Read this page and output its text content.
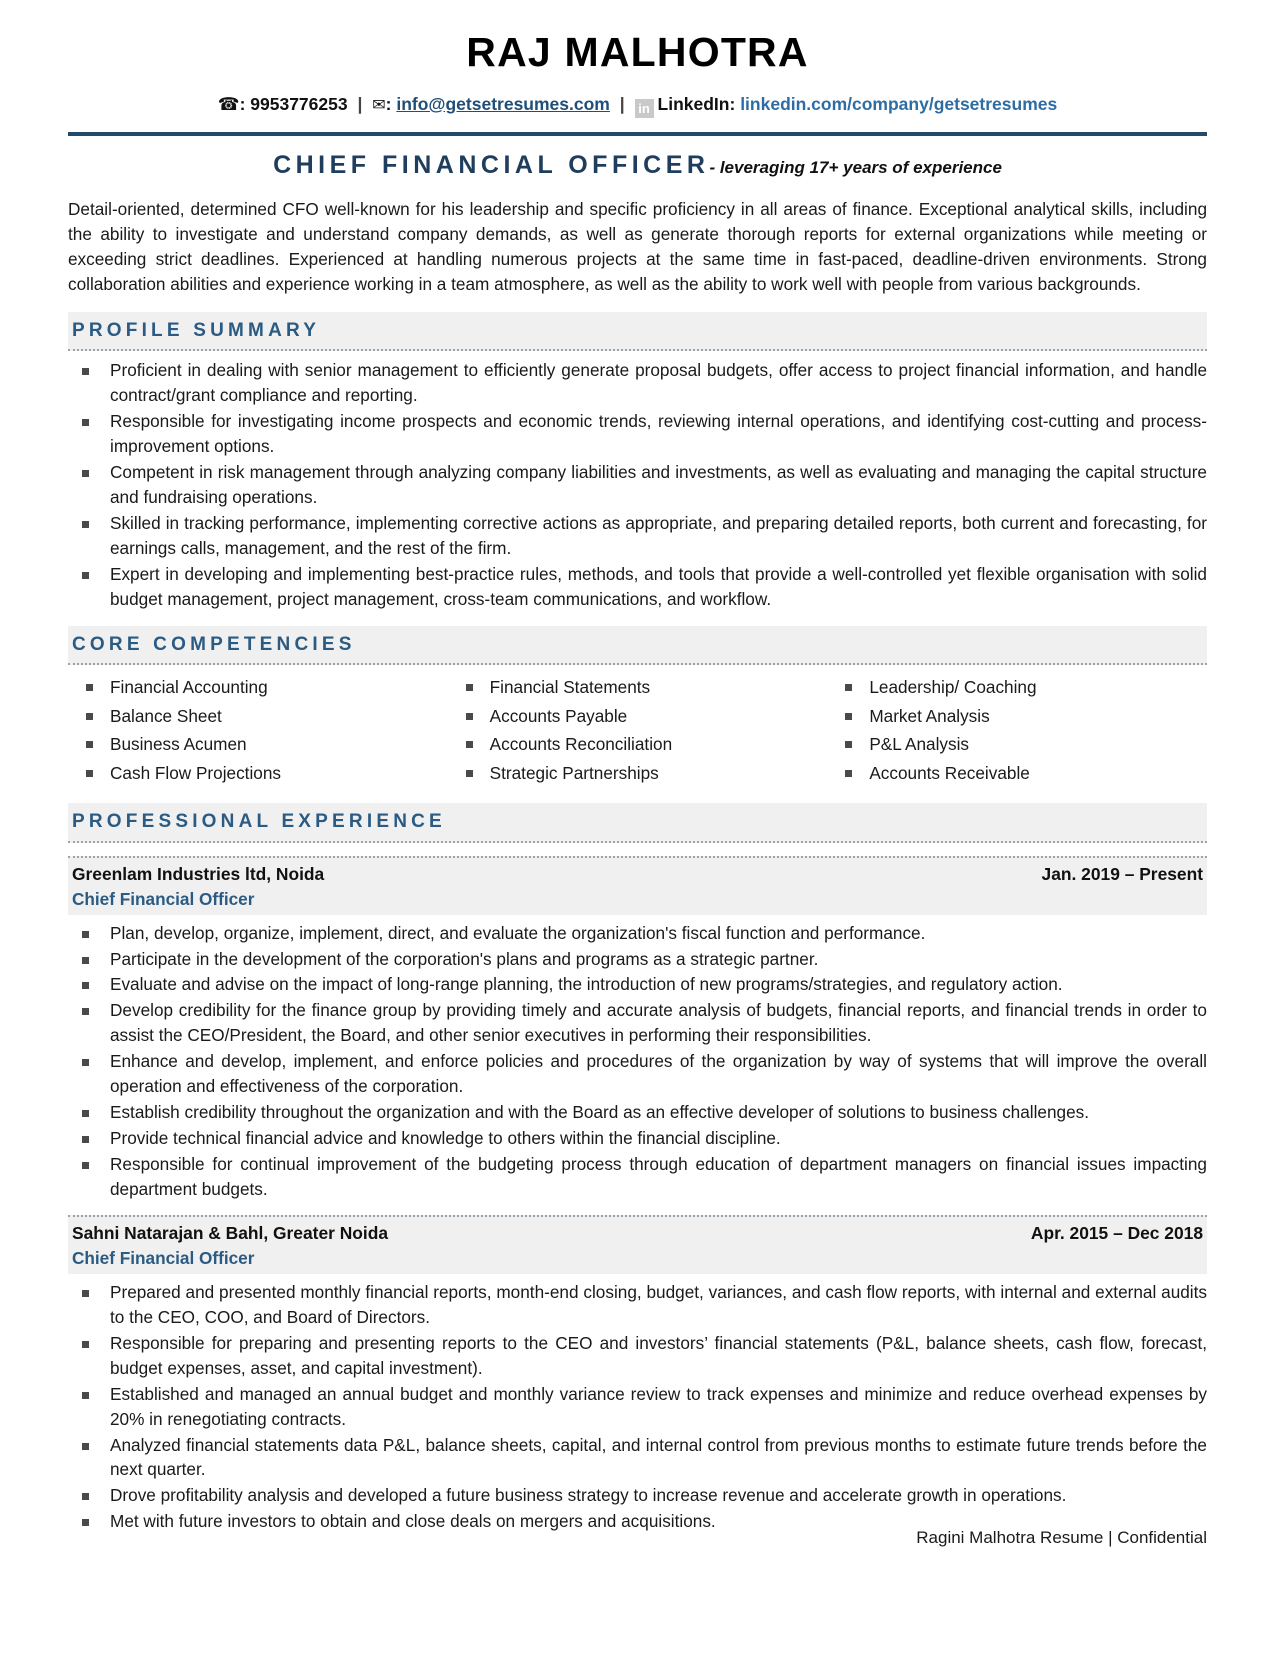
RAJ MALHOTRA
☎: 9953776253 | ✉: info@getsetresumes.com | in LinkedIn: linkedin.com/company/getsetresumes
CHIEF FINANCIAL OFFICER- leveraging 17+ years of experience
Detail-oriented, determined CFO well-known for his leadership and specific proficiency in all areas of finance. Exceptional analytical skills, including the ability to investigate and understand company demands, as well as generate thorough reports for external organizations while meeting or exceeding strict deadlines. Experienced at handling numerous projects at the same time in fast-paced, deadline-driven environments. Strong collaboration abilities and experience working in a team atmosphere, as well as the ability to work well with people from various backgrounds.
PROFILE SUMMARY
Proficient in dealing with senior management to efficiently generate proposal budgets, offer access to project financial information, and handle contract/grant compliance and reporting.
Responsible for investigating income prospects and economic trends, reviewing internal operations, and identifying cost-cutting and process-improvement options.
Competent in risk management through analyzing company liabilities and investments, as well as evaluating and managing the capital structure and fundraising operations.
Skilled in tracking performance, implementing corrective actions as appropriate, and preparing detailed reports, both current and forecasting, for earnings calls, management, and the rest of the firm.
Expert in developing and implementing best-practice rules, methods, and tools that provide a well-controlled yet flexible organisation with solid budget management, project management, cross-team communications, and workflow.
CORE COMPETENCIES
Financial Accounting
Balance Sheet
Business Acumen
Cash Flow Projections
Financial Statements
Accounts Payable
Accounts Reconciliation
Strategic Partnerships
Leadership/ Coaching
Market Analysis
P&L Analysis
Accounts Receivable
PROFESSIONAL EXPERIENCE
Greenlam Industries ltd, Noida	Jan. 2019 – Present
Chief Financial Officer
Plan, develop, organize, implement, direct, and evaluate the organization's fiscal function and performance.
Participate in the development of the corporation's plans and programs as a strategic partner.
Evaluate and advise on the impact of long-range planning, the introduction of new programs/strategies, and regulatory action.
Develop credibility for the finance group by providing timely and accurate analysis of budgets, financial reports, and financial trends in order to assist the CEO/President, the Board, and other senior executives in performing their responsibilities.
Enhance and develop, implement, and enforce policies and procedures of the organization by way of systems that will improve the overall operation and effectiveness of the corporation.
Establish credibility throughout the organization and with the Board as an effective developer of solutions to business challenges.
Provide technical financial advice and knowledge to others within the financial discipline.
Responsible for continual improvement of the budgeting process through education of department managers on financial issues impacting department budgets.
Sahni Natarajan & Bahl, Greater Noida	Apr. 2015 – Dec 2018
Chief Financial Officer
Prepared and presented monthly financial reports, month-end closing, budget, variances, and cash flow reports, with internal and external audits to the CEO, COO, and Board of Directors.
Responsible for preparing and presenting reports to the CEO and investors’ financial statements (P&L, balance sheets, cash flow, forecast, budget expenses, asset, and capital investment).
Established and managed an annual budget and monthly variance review to track expenses and minimize and reduce overhead expenses by 20% in renegotiating contracts.
Analyzed financial statements data P&L, balance sheets, capital, and internal control from previous months to estimate future trends before the next quarter.
Drove profitability analysis and developed a future business strategy to increase revenue and accelerate growth in operations.
Met with future investors to obtain and close deals on mergers and acquisitions.
Ragini Malhotra Resume | Confidential
